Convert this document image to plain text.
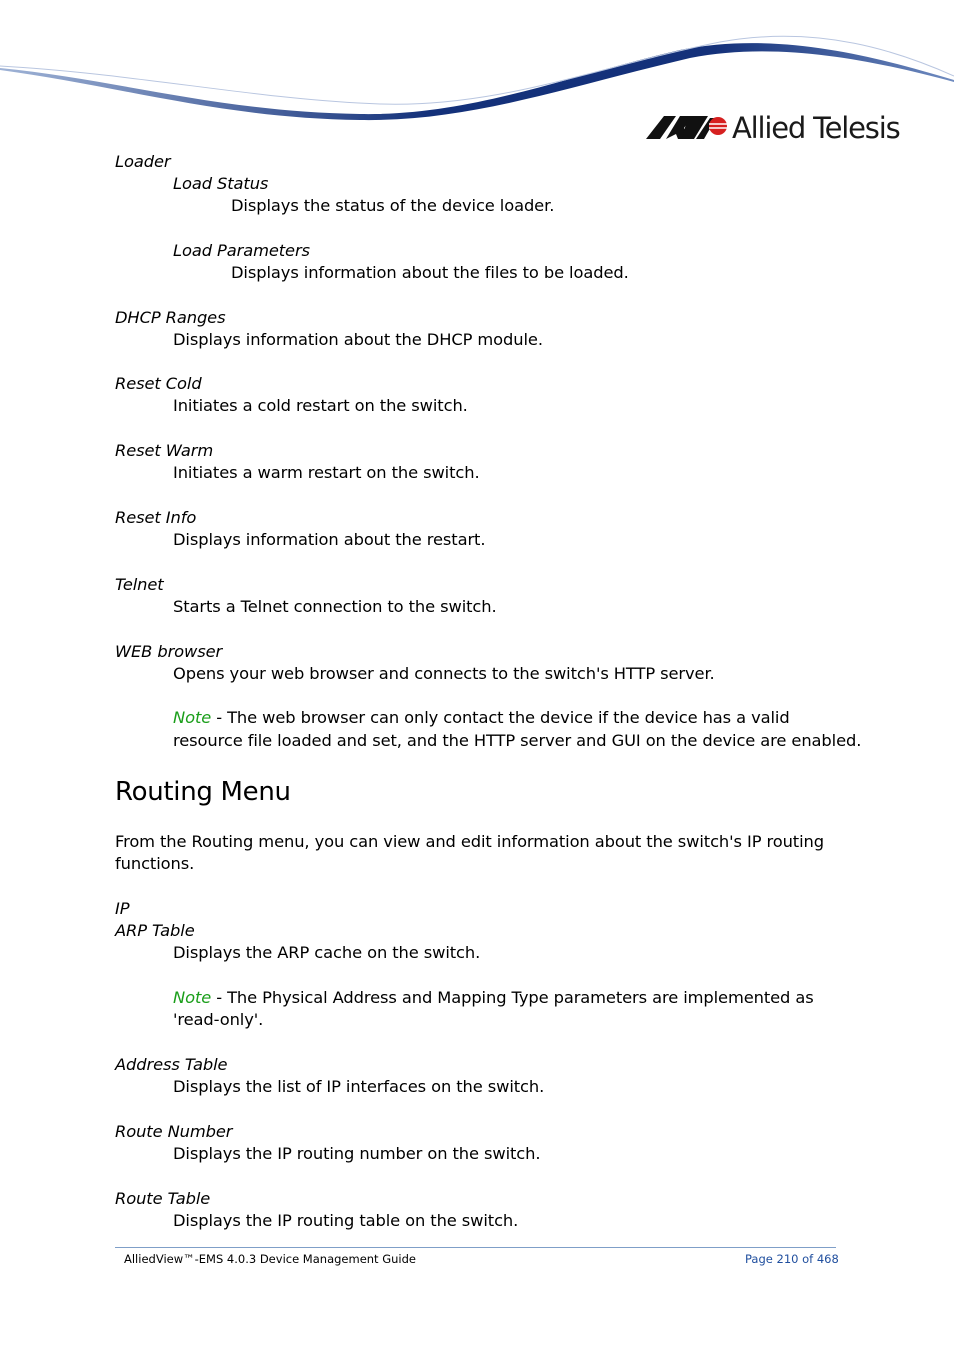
Allied Telesis
Loader
Load Status
Displays the status of the device loader.
Load Parameters
Displays information about the files to be loaded.
DHCP Ranges
Displays information about the DHCP module.
Reset Cold
Initiates a cold restart on the switch.
Reset Warm
Initiates a warm restart on the switch.
Reset Info
Displays information about the restart.
Telnet
Starts a Telnet connection to the switch.
WEB browser
Opens your web browser and connects to the switch's HTTP server.
Note - The web browser can only contact the device if the device has a valid
resource file loaded and set, and the HTTP server and GUI on the device are enabled.
Routing Menu
From the Routing menu, you can view and edit information about the switch's IP routing
functions.
IP
ARP Table
Displays the ARP cache on the switch.
Note - The Physical Address and Mapping Type parameters are implemented as
'read-only'.
Address Table
Displays the list of IP interfaces on the switch.
Route Number
Displays the IP routing number on the switch.
Route Table
Displays the IP routing table on the switch.
AlliedView™-EMS 4.0.3 Device Management Guide	Page 210 of 468
